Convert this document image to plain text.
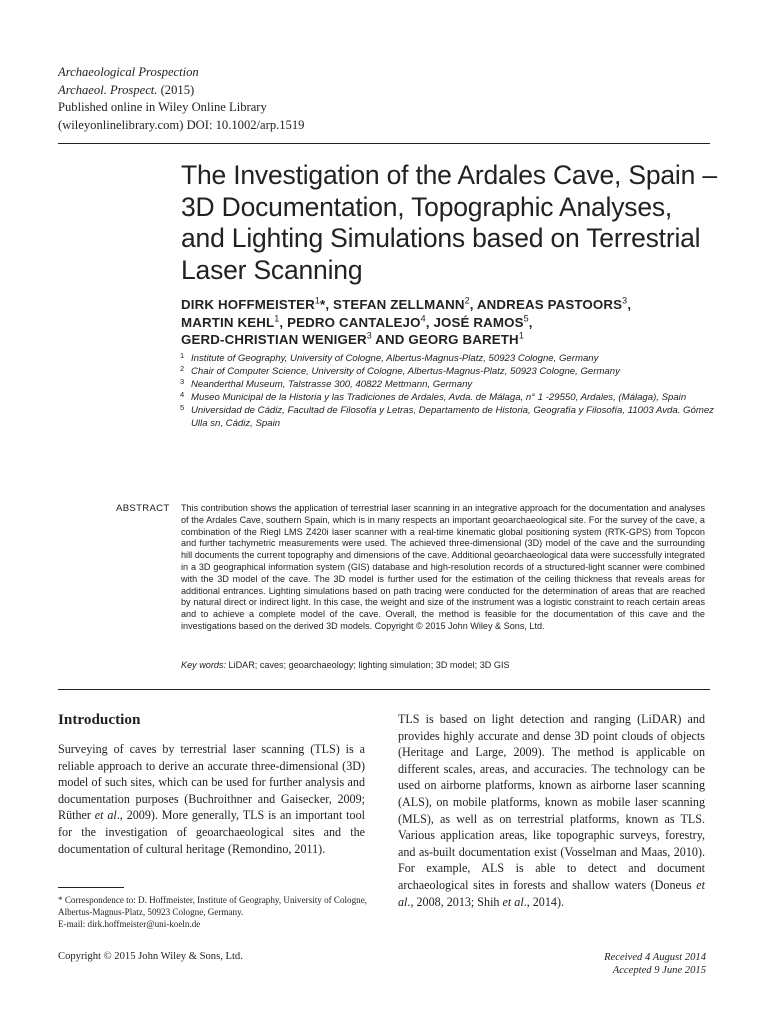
Archaeological Prospection
Archaeol. Prospect. (2015)
Published online in Wiley Online Library
(wileyonlinelibrary.com) DOI: 10.1002/arp.1519
The Investigation of the Ardales Cave, Spain –
3D Documentation, Topographic Analyses,
and Lighting Simulations based on Terrestrial
Laser Scanning
DIRK HOFFMEISTER$^1$*, STEFAN ZELLMANN$^2$, ANDREAS PASTOORS$^3$,
MARTIN KEHL$^1$, PEDRO CANTALEJO$^4$, JOSÉ RAMOS$^5$,
GERD-CHRISTIAN WENIGER$^3$ AND GEORG BARETH$^1$
1 Institute of Geography, University of Cologne, Albertus-Magnus-Platz, 50923 Cologne, Germany
2 Chair of Computer Science, University of Cologne, Albertus-Magnus-Platz, 50923 Cologne, Germany
3 Neanderthal Museum, Talstrasse 300, 40822 Mettmann, Germany
4 Museo Municipal de la Historia y las Tradiciones de Ardales, Avda. de Málaga, n° 1 -29550, Ardales, (Málaga), Spain
5 Universidad de Cádiz, Facultad de Filosofía y Letras, Departamento de Historia, Geografía y Filosofía, 11003 Avda. Gómez Ulla sn, Cádiz, Spain
ABSTRACT This contribution shows the application of terrestrial laser scanning in an integrative approach for the documentation and analyses of the Ardales Cave, southern Spain, which is in many respects an important geoarchaeological site. For the survey of the cave, a combination of the Riegl LMS Z420i laser scanner with a real-time kinematic global positioning system (RTK-GPS) from Topcon and further tachymetric measurements were used. The achieved three-dimensional (3D) model of the cave and the surrounding hill documents the current topography and dimensions of the cave. Additional geoarchaeological data were successfully integrated in a 3D geographical information system (GIS) database and high-resolution records of a structured-light scanner were combined with the 3D model of the cave. The 3D model is further used for the estimation of the ceiling thickness that reveals areas for additional entrances. Lighting simulations based on path tracing were conducted for the determination of areas that are reached by natural direct or indirect light. In this case, the weight and size of the instrument was a logistic constraint to reach certain areas and to achieve a complete model of the cave. Overall, the method is feasible for the documentation of this cave and the investigations based on the derived 3D models. Copyright © 2015 John Wiley & Sons, Ltd.
Key words: LiDAR; caves; geoarchaeology; lighting simulation; 3D model; 3D GIS
Introduction
Surveying of caves by terrestrial laser scanning (TLS) is a reliable approach to derive an accurate three-dimensional (3D) model of such sites, which can be used for further analysis and documentation purposes (Buchroithner and Gaisecker, 2009; Rüther et al., 2009). More generally, TLS is an important tool for the investigation of geoarchaeological sites and the documentation of cultural heritage (Remondino, 2011).
TLS is based on light detection and ranging (LiDAR) and provides highly accurate and dense 3D point clouds of objects (Heritage and Large, 2009). The method is applicable on different scales, areas, and accuracies. The technology can be used on airborne platforms, known as airborne laser scanning (ALS), on mobile platforms, known as mobile laser scanning (MLS), as well as on terrestrial platforms, known as TLS. Various application areas, like topographic surveys, forestry, and as-built documentation exist (Vosselman and Maas, 2010). For example, ALS is able to detect and document archaeological sites in forests and shallow waters (Doneus et al., 2008, 2013; Shih et al., 2014).
* Correspondence to: D. Hoffmeister, Institute of Geography, University of Cologne, Albertus-Magnus-Platz, 50923 Cologne, Germany.
E-mail: dirk.hoffmeister@uni-koeln.de
Copyright © 2015 John Wiley & Sons, Ltd.	Received 4 August 2014
Accepted 9 June 2015
